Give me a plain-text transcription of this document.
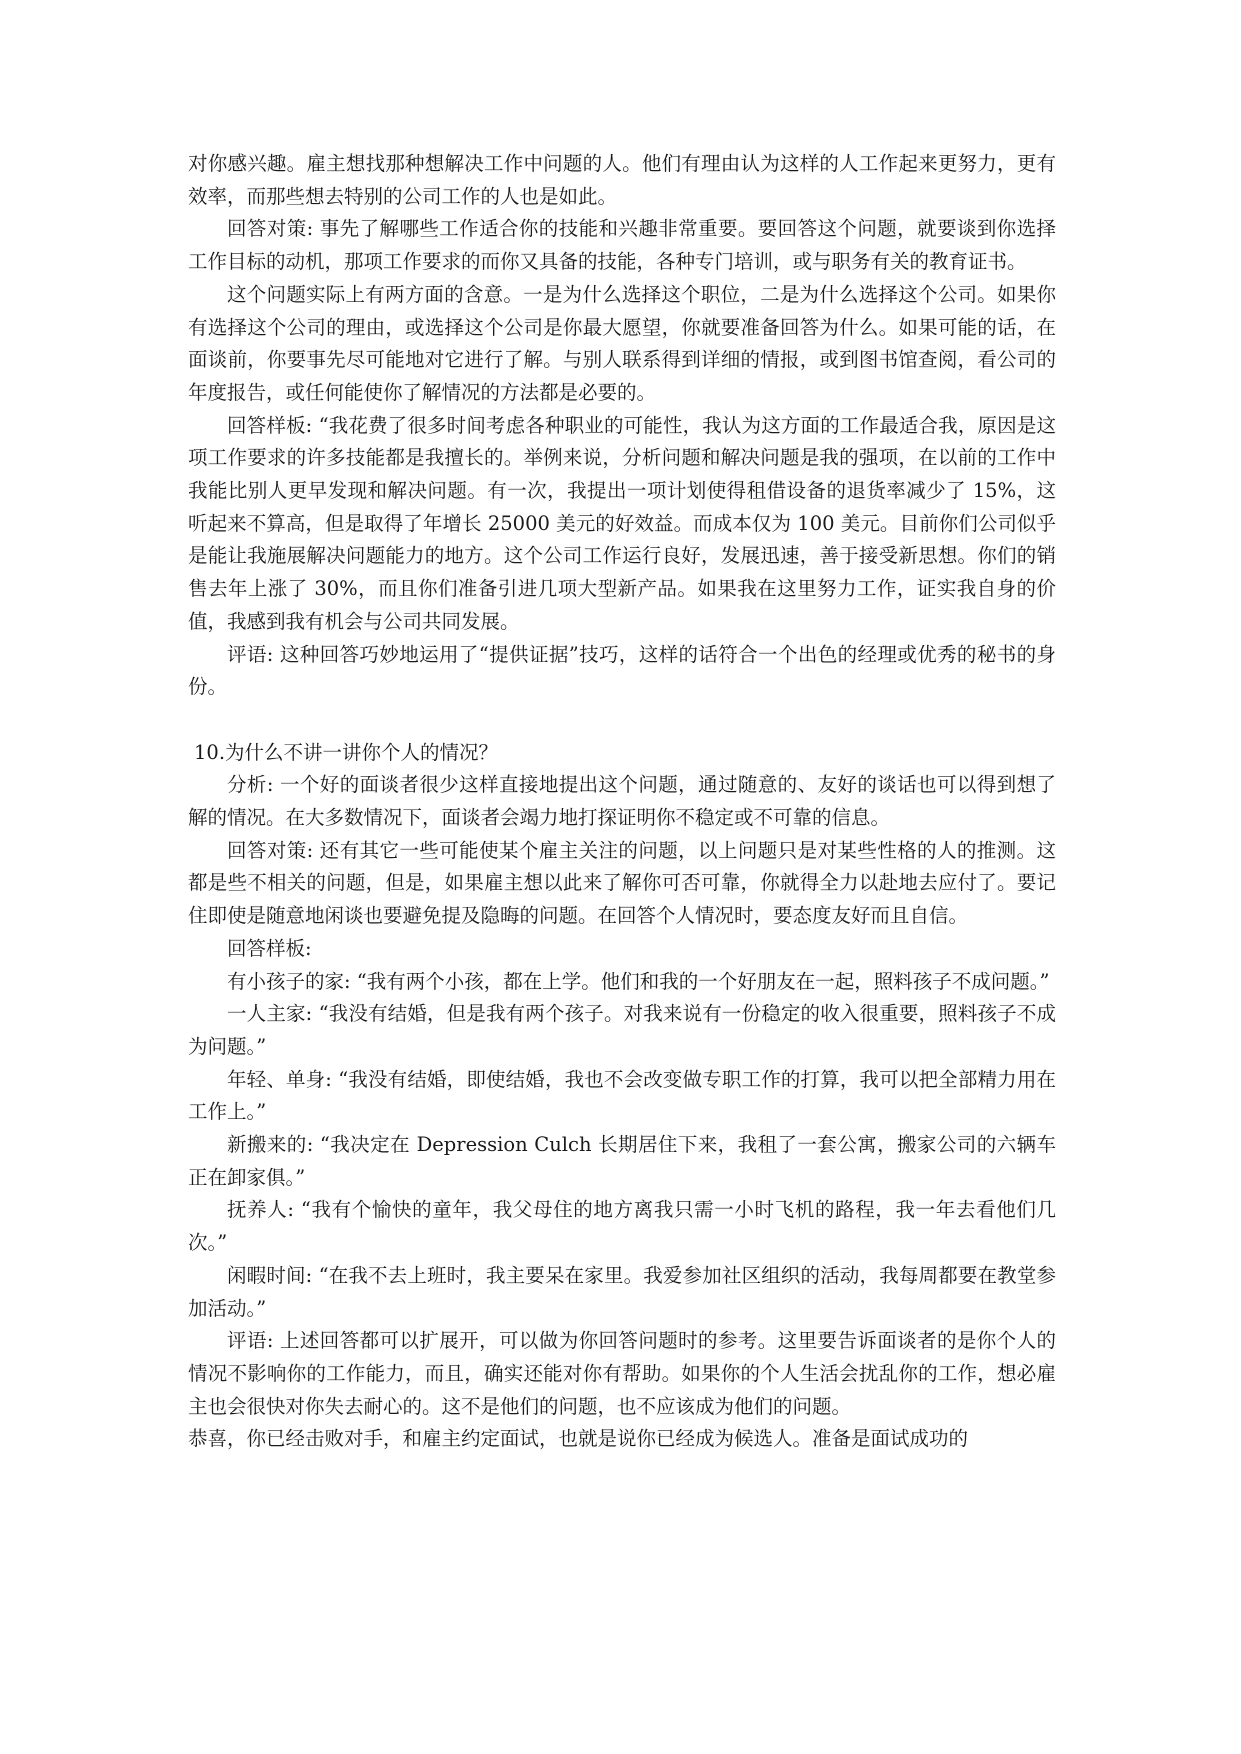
对你感兴趣。雇主想找那种想解决工作中问题的人。他们有理由认为这样的人工作起来更努力，更有效率，而那些想去特别的公司工作的人也是如此。

回答对策: 事先了解哪些工作适合你的技能和兴趣非常重要。要回答这个问题，就要谈到你选择工作目标的动机，那项工作要求的而你又具备的技能，各种专门培训，或与职务有关的教育证书。

这个问题实际上有两方面的含意。一是为什么选择这个职位，二是为什么选择这个公司。如果你有选择这个公司的理由，或选择这个公司是你最大愿望，你就要准备回答为什么。如果可能的话，在面谈前，你要事先尽可能地对它进行了解。与别人联系得到详细的情报，或到图书馆查阅，看公司的年度报告，或任何能使你了解情况的方法都是必要的。

回答样板: “我花费了很多时间考虑各种职业的可能性，我认为这方面的工作最适合我，原因是这项工作要求的许多技能都是我擅长的。举例来说，分析问题和解决问题是我的强项，在以前的工作中我能比别人更早发现和解决问题。有一次，我提出一项计划使得租借设备的退货率减少了 15%，这听起来不算高，但是取得了年增长 25000 美元的好效益。而成本仅为 100 美元。目前你们公司似乎是能让我施展解决问题能力的地方。这个公司工作运行良好，发展迅速，善于接受新思想。你们的销售去年上涨了 30%，而且你们准备引进几项大型新产品。如果我在这里努力工作，证实我自身的价值，我感到我有机会与公司共同发展。

评语: 这种回答巧妙地运用了“提供证据”技巧，这样的话符合一个出色的经理或优秀的秘书的身份。

10.为什么不讲一讲你个人的情况？

分析: 一个好的面谈者很少这样直接地提出这个问题，通过随意的、友好的谈话也可以得到想了解的情况。在大多数情况下，面谈者会竭力地打探证明你不稳定或不可靠的信息。

回答对策: 还有其它一些可能使某个雇主关注的问题，以上问题只是对某些性格的人的推测。这都是些不相关的问题，但是，如果雇主想以此来了解你可否可靠，你就得全力以赴地去应付了。要记住即使是随意地闲谈也要避免提及隐晦的问题。在回答个人情况时，要态度友好而且自信。

回答样板:

有小孩子的家: “我有两个小孩，都在上学。他们和我的一个好朋友在一起，照料孩子不成问题。”

一人主家: “我没有结婚，但是我有两个孩子。对我来说有一份稳定的收入很重要，照料孩子不成为问题。”

年轻、单身: “我没有结婚，即使结婚，我也不会改变做专职工作的打算，我可以把全部精力用在工作上。”

新搬来的: “我决定在 Depression Culch 长期居住下来，我租了一套公寓，搬家公司的六辆车正在卸家俱。”

抚养人: “我有个愉快的童年，我父母住的地方离我只需一小时飞机的路程，我一年去看他们几次。”

闲暇时间: “在我不去上班时，我主要呆在家里。我爱参加社区组织的活动，我每周都要在教堂参加活动。”

评语: 上述回答都可以扩展开，可以做为你回答问题时的参考。这里要告诉面谈者的是你个人的情况不影响你的工作能力，而且，确实还能对你有帮助。如果你的个人生活会扰乱你的工作，想必雇主也会很快对你失去耐心的。这不是他们的问题，也不应该成为他们的问题。

恭喜，你已经击败对手，和雇主约定面试，也就是说你已经成为候选人。准备是面试成功的
